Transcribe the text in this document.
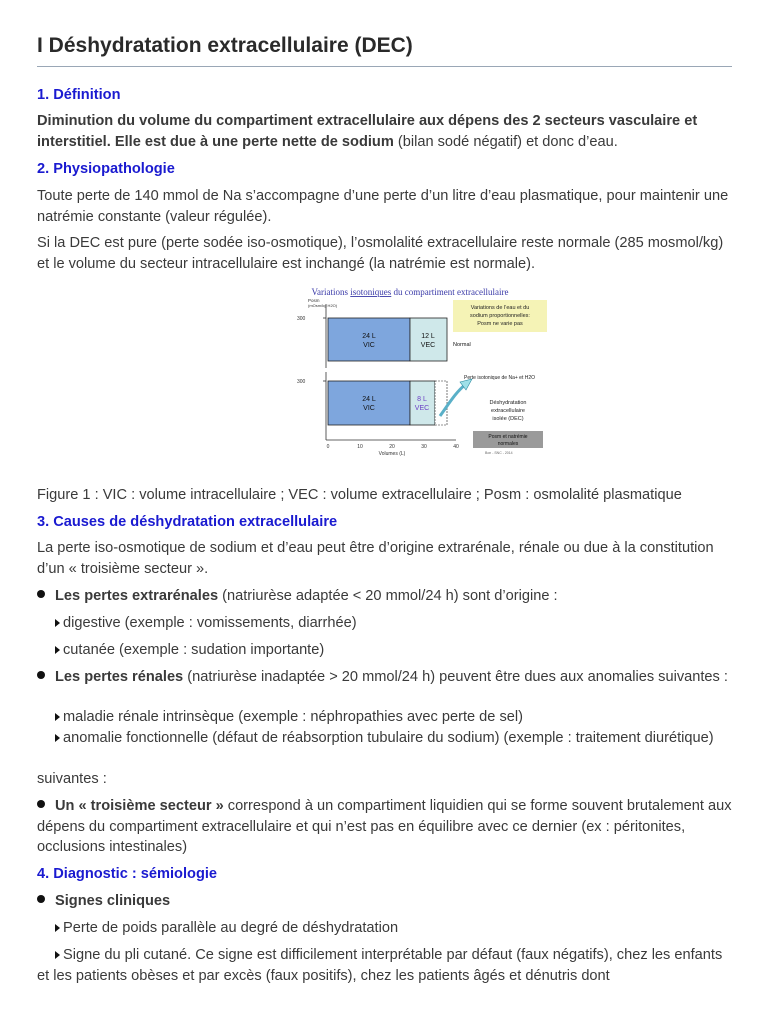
I Déshydratation extracellulaire (DEC)

1. Définition

Diminution du volume du compartiment extracellulaire aux dépens des 2 secteurs vasculaire et interstitiel. Elle est due à une perte nette de sodium (bilan sodé négatif) et donc d’eau.

2. Physiopathologie

Toute perte de 140 mmol de Na s’accompagne d’une perte d’un litre d’eau plasmatique, pour maintenir une natrémie constante (valeur régulée).

Si la DEC est pure (perte sodée iso-osmotique), l’osmolalité extracellulaire reste normale (285 mosmol/kg) et le volume du secteur intracellulaire est inchangé (la natrémie est normale).

Variations isotoniques du compartiment extracellulaire
Posm
(mOsm/kg H2O)
300
24 L
VIC
12 L
VEC	Normal
Variations de l’eau et du
sodium proportionnelles:
Posm ne varie pas
300
24 L
VIC
8 L
VEC
Perte isotonique de Na+ et H2O
Déshydratation
extracellulaire
isolée (DEC)
Posm et natrémie
normales
0	10	20	30	40
Volumes (L)	Bon - SNC - 2014

Figure 1 : VIC : volume intracellulaire ; VEC : volume extracellulaire ; Posm : osmolalité plasmatique

3. Causes de déshydratation extracellulaire

La perte iso-osmotique de sodium et d’eau peut être d’origine extrarénale, rénale ou due à la constitution d’un « troisième secteur ».

Les pertes extrarénales (natriurèse adaptée < 20 mmol/24 h) sont d’origine :

digestive (exemple : vomissements, diarrhée)

cutanée (exemple : sudation importante)

Les pertes rénales (natriurèse inadaptée > 20 mmol/24 h) peuvent être dues aux anomalies suivantes :

maladie rénale intrinsèque (exemple : néphropathies avec perte de sel)

anomalie fonctionnelle (défaut de réabsorption tubulaire du sodium) (exemple : traitement diurétique)

suivantes :

Un « troisième secteur » correspond à un compartiment liquidien qui se forme souvent brutalement aux dépens du compartiment extracellulaire et qui n’est pas en équilibre avec ce dernier (ex : péritonites, occlusions intestinales)

4. Diagnostic : sémiologie

Signes cliniques

Perte de poids parallèle au degré de déshydratation

Signe du pli cutané. Ce signe est difficilement interprétable par défaut (faux négatifs), chez les enfants et les patients obèses et par excès (faux positifs), chez les patients âgés et dénutris dont
